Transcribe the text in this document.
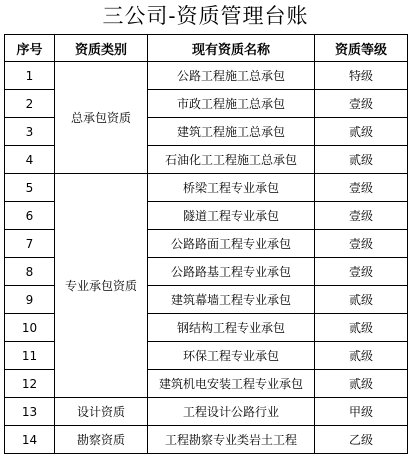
三公司-资质管理台账
序号	资质类别	现有资质名称	资质等级
1	总承包资质	公路工程施工总承包	特级
2		市政工程施工总承包	壹级
3		建筑工程施工总承包	贰级
4		石油化工工程施工总承包	贰级
5	专业承包资质	桥梁工程专业承包	壹级
6		隧道工程专业承包	壹级
7		公路路面工程专业承包	壹级
8		公路路基工程专业承包	壹级
9		建筑幕墙工程专业承包	贰级
10		钢结构工程专业承包	贰级
11		环保工程专业承包	贰级
12		建筑机电安装工程专业承包	贰级
13	设计资质	工程设计公路行业	甲级
14	勘察资质	工程勘察专业类岩土工程	乙级
